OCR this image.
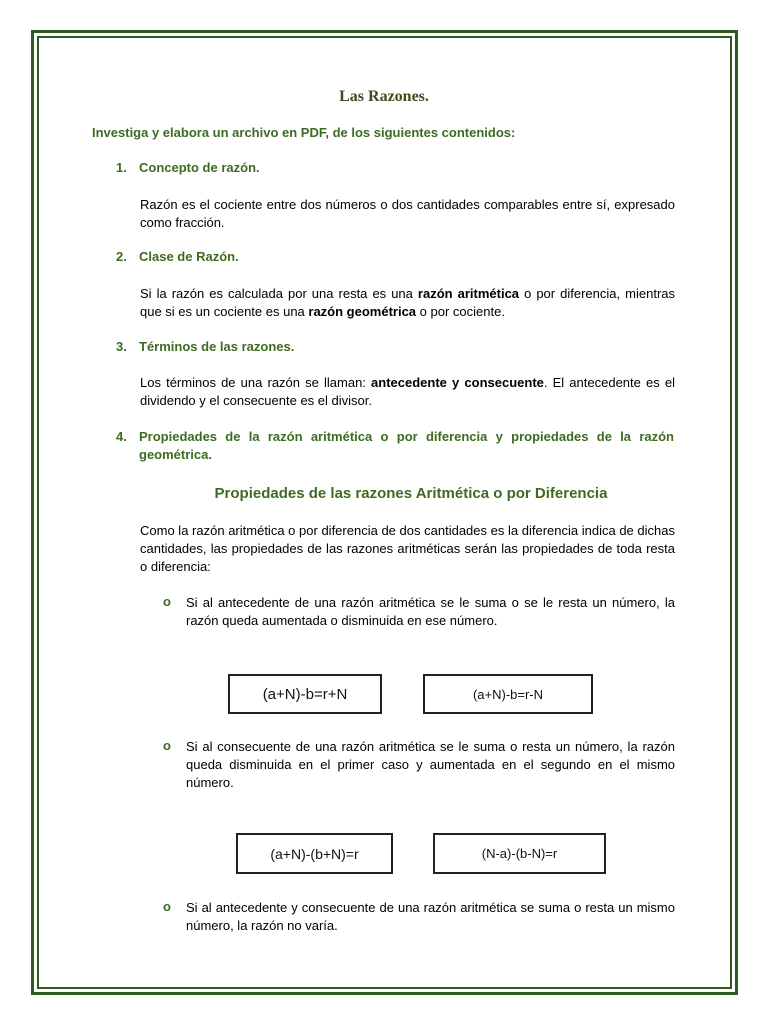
Las Razones.
Investiga y elabora un archivo en PDF, de los siguientes contenidos:
1. Concepto de razón.
Razón es el cociente entre dos números o dos cantidades comparables entre sí, expresado como fracción.
2. Clase de Razón.
Si la razón es calculada por una resta es una razón aritmética o por diferencia, mientras que si es un cociente es una razón geométrica o por cociente.
3. Términos de las razones.
Los términos de una razón se llaman: antecedente y consecuente. El antecedente es el dividendo y el consecuente es el divisor.
4. Propiedades de la razón aritmética o por diferencia y propiedades de la razón geométrica.
Propiedades de las razones Aritmética o por Diferencia
Como la razón aritmética o por diferencia de dos cantidades es la diferencia indica de dichas cantidades, las propiedades de las razones aritméticas serán las propiedades de toda resta o diferencia:
o Si al antecedente de una razón aritmética se le suma o se le resta un número, la razón queda aumentada o disminuida en ese número.
(a+N)-b=r+N	(a+N)-b=r-N
o Si al consecuente de una razón aritmética se le suma o resta un número, la razón queda disminuida en el primer caso y aumentada en el segundo en el mismo número.
(a+N)-(b+N)=r	(N-a)-(b-N)=r
o Si al antecedente y consecuente de una razón aritmética se suma o resta un mismo número, la razón no varía.
